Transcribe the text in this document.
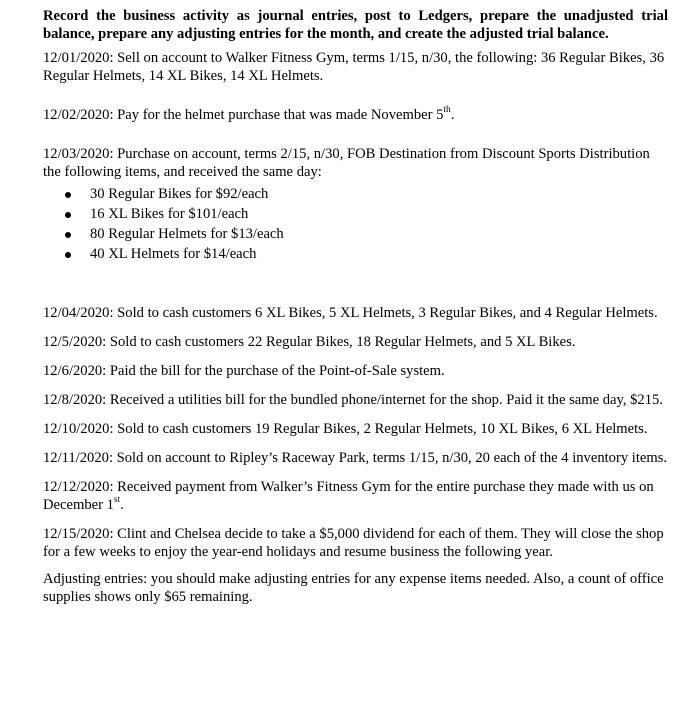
Record the business activity as journal entries, post to Ledgers, prepare the unadjusted trial balance, prepare any adjusting entries for the month, and create the adjusted trial balance.

12/01/2020: Sell on account to Walker Fitness Gym, terms 1/15, n/30, the following: 36 Regular Bikes, 36 Regular Helmets, 14 XL Bikes, 14 XL Helmets.

12/02/2020: Pay for the helmet purchase that was made November 5th.

12/03/2020: Purchase on account, terms 2/15, n/30, FOB Destination from Discount Sports Distribution the following items, and received the same day:

30 Regular Bikes for $92/each
16 XL Bikes for $101/each
80 Regular Helmets for $13/each
40 XL Helmets for $14/each

12/04/2020: Sold to cash customers 6 XL Bikes, 5 XL Helmets, 3 Regular Bikes, and 4 Regular Helmets.

12/5/2020: Sold to cash customers 22 Regular Bikes, 18 Regular Helmets, and 5 XL Bikes.

12/6/2020: Paid the bill for the purchase of the Point-of-Sale system.

12/8/2020: Received a utilities bill for the bundled phone/internet for the shop. Paid it the same day, $215.

12/10/2020: Sold to cash customers 19 Regular Bikes, 2 Regular Helmets, 10 XL Bikes, 6 XL Helmets.

12/11/2020: Sold on account to Ripley’s Raceway Park, terms 1/15, n/30, 20 each of the 4 inventory items.

12/12/2020: Received payment from Walker’s Fitness Gym for the entire purchase they made with us on December 1st.

12/15/2020: Clint and Chelsea decide to take a $5,000 dividend for each of them. They will close the shop for a few weeks to enjoy the year-end holidays and resume business the following year.

Adjusting entries: you should make adjusting entries for any expense items needed. Also, a count of office supplies shows only $65 remaining.
